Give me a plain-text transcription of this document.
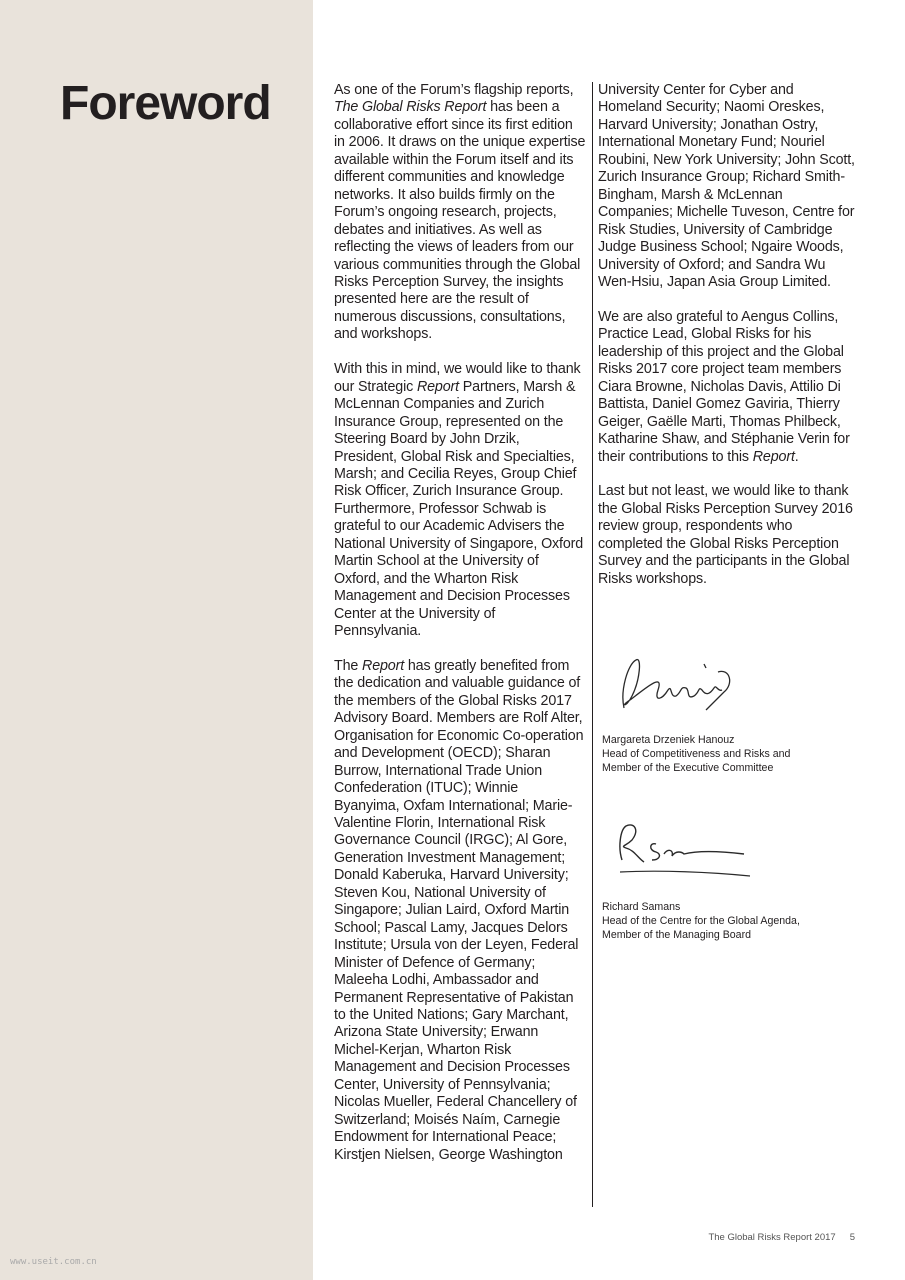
Foreword	As one of the Forum’s flagship reports, The Global Risks Report has been a collaborative effort since its first edition in 2006. It draws on the unique expertise available within the Forum itself and its different communities and knowledge networks. It also builds firmly on the Forum’s ongoing research, projects, debates and initiatives. As well as reflecting the views of leaders from our various communities through the Global Risks Perception Survey, the insights presented here are the result of numerous discussions, consultations, and workshops.

With this in mind, we would like to thank our Strategic Report Partners, Marsh & McLennan Companies and Zurich Insurance Group, represented on the Steering Board by John Drzik, President, Global Risk and Specialties, Marsh; and Cecilia Reyes, Group Chief Risk Officer, Zurich Insurance Group. Furthermore, Professor Schwab is grateful to our Academic Advisers the National University of Singapore, Oxford Martin School at the University of Oxford, and the Wharton Risk Management and Decision Processes Center at the University of Pennsylvania.

The Report has greatly benefited from the dedication and valuable guidance of the members of the Global Risks 2017 Advisory Board. Members are Rolf Alter, Organisation for Economic Co-operation and Development (OECD); Sharan Burrow, International Trade Union Confederation (ITUC); Winnie Byanyima, Oxfam International; Marie-Valentine Florin, International Risk Governance Council (IRGC); Al Gore, Generation Investment Management; Donald Kaberuka, Harvard University; Steven Kou, National University of Singapore; Julian Laird, Oxford Martin School; Pascal Lamy, Jacques Delors Institute; Ursula von der Leyen, Federal Minister of Defence of Germany; Maleeha Lodhi, Ambassador and Permanent Representative of Pakistan to the United Nations; Gary Marchant, Arizona State University; Erwann Michel-Kerjan, Wharton Risk Management and Decision Processes Center, University of Pennsylvania; Nicolas Mueller, Federal Chancellery of Switzerland; Moisés Naím, Carnegie Endowment for International Peace; Kirstjen Nielsen, George Washington

University Center for Cyber and Homeland Security; Naomi Oreskes, Harvard University; Jonathan Ostry, International Monetary Fund; Nouriel Roubini, New York University; John Scott, Zurich Insurance Group; Richard Smith-Bingham, Marsh & McLennan Companies; Michelle Tuveson, Centre for Risk Studies, University of Cambridge Judge Business School; Ngaire Woods, University of Oxford; and Sandra Wu Wen-Hsiu, Japan Asia Group Limited.

We are also grateful to Aengus Collins, Practice Lead, Global Risks for his leadership of this project and the Global Risks 2017 core project team members Ciara Browne, Nicholas Davis, Attilio Di Battista, Daniel Gomez Gaviria, Thierry Geiger, Gaëlle Marti, Thomas Philbeck, Katharine Shaw, and Stéphanie Verin for their contributions to this Report.

Last but not least, we would like to thank the Global Risks Perception Survey 2016 review group, respondents who completed the Global Risks Perception Survey and the participants in the Global Risks workshops.

Margareta Drzeniek Hanouz
Head of Competitiveness and Risks and
Member of the Executive Committee
Richard Samans
Head of the Centre for the Global Agenda,
Member of the Managing Board
The Global Risks Report 2017 5
www.useit.com.cn
